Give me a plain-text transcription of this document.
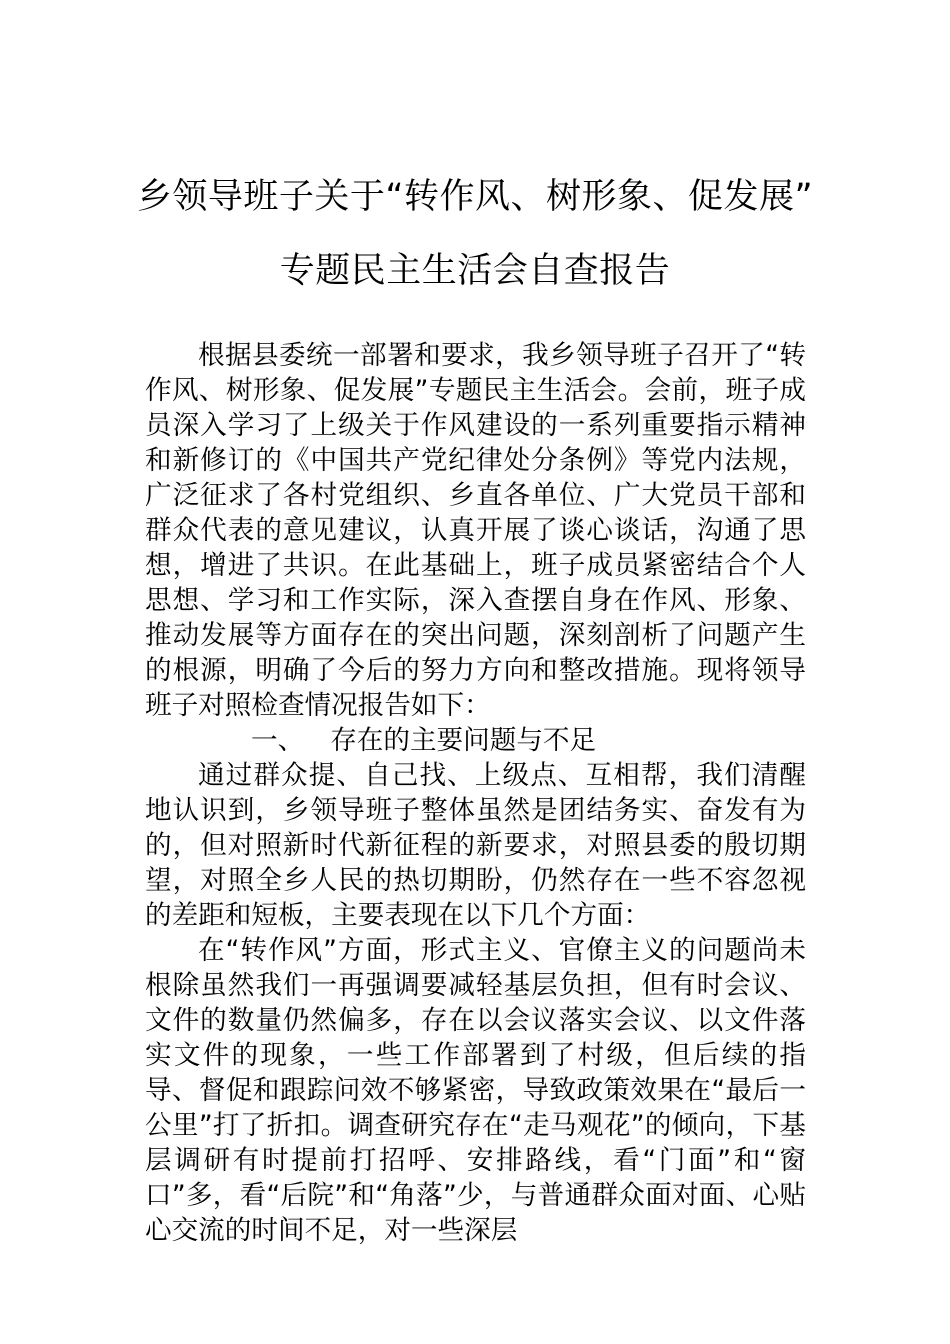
乡领导班子关于“转作风、树形象、促发展”
专题民主生活会自查报告

根据县委统一部署和要求，我乡领导班子召开了“转作风、树形象、促发展”专题民主生活会。会前，班子成员深入学习了上级关于作风建设的一系列重要指示精神和新修订的《中国共产党纪律处分条例》等党内法规，广泛征求了各村党组织、乡直各单位、广大党员干部和群众代表的意见建议，认真开展了谈心谈话，沟通了思想，增进了共识。在此基础上，班子成员紧密结合个人思想、学习和工作实际，深入查摆自身在作风、形象、推动发展等方面存在的突出问题，深刻剖析了问题产生的根源，明确了今后的努力方向和整改措施。现将领导班子对照检查情况报告如下：

一、 存在的主要问题与不足

通过群众提、自己找、上级点、互相帮，我们清醒地认识到，乡领导班子整体虽然是团结务实、奋发有为的，但对照新时代新征程的新要求，对照县委的殷切期望，对照全乡人民的热切期盼，仍然存在一些不容忽视的差距和短板，主要表现在以下几个方面：

在“转作风”方面，形式主义、官僚主义的问题尚未根除虽然我们一再强调要减轻基层负担，但有时会议、文件的数量仍然偏多，存在以会议落实会议、以文件落实文件的现象，一些工作部署到了村级，但后续的指导、督促和跟踪问效不够紧密，导致政策效果在“最后一公里”打了折扣。调查研究存在“走马观花”的倾向，下基层调研有时提前打招呼、安排路线，看“门面”和“窗口”多，看“后院”和“角落”少，与普通群众面对面、心贴心交流的时间不足，对一些深层
